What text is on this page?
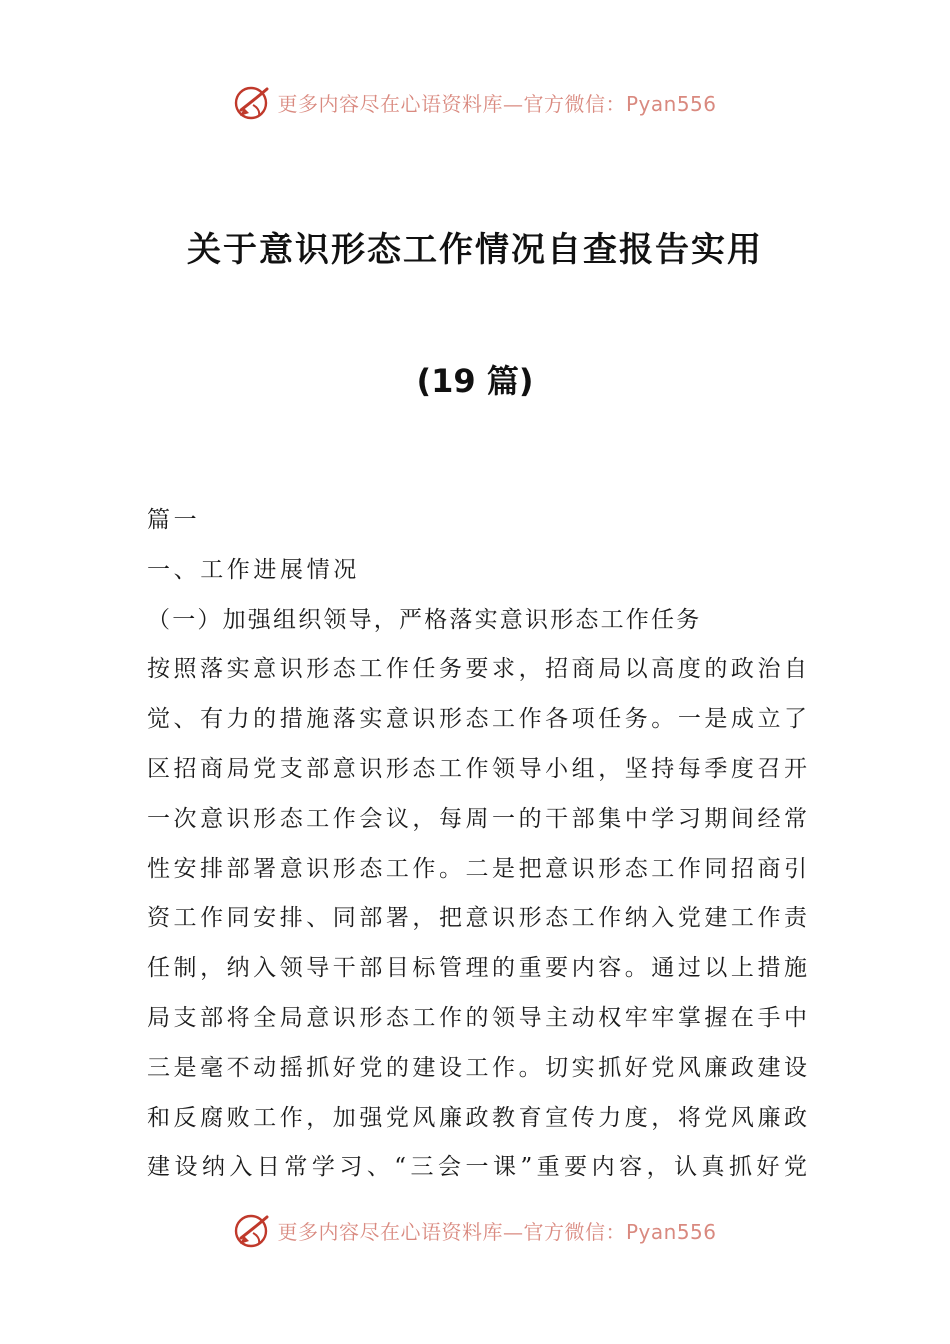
更多内容尽在心语资料库—官方微信：Pyan556
关于意识形态工作情况自查报告实用
(19 篇)
篇一
一、工作进展情况
（一）加强组织领导，严格落实意识形态工作任务
按照落实意识形态工作任务要求，招商局以高度的政治自
觉、有力的措施落实意识形态工作各项任务。一是成立了
区招商局党支部意识形态工作领导小组，坚持每季度召开
一次意识形态工作会议，每周一的干部集中学习期间经常
性安排部署意识形态工作。二是把意识形态工作同招商引
资工作同安排、同部署，把意识形态工作纳入党建工作责
任制，纳入领导干部目标管理的重要内容。通过以上措施
局支部将全局意识形态工作的领导主动权牢牢掌握在手中
三是毫不动摇抓好党的建设工作。切实抓好党风廉政建设
和反腐败工作，加强党风廉政教育宣传力度，将党风廉政
建设纳入日常学习、“三会一课”重要内容，认真抓好党
更多内容尽在心语资料库—官方微信：Pyan556
